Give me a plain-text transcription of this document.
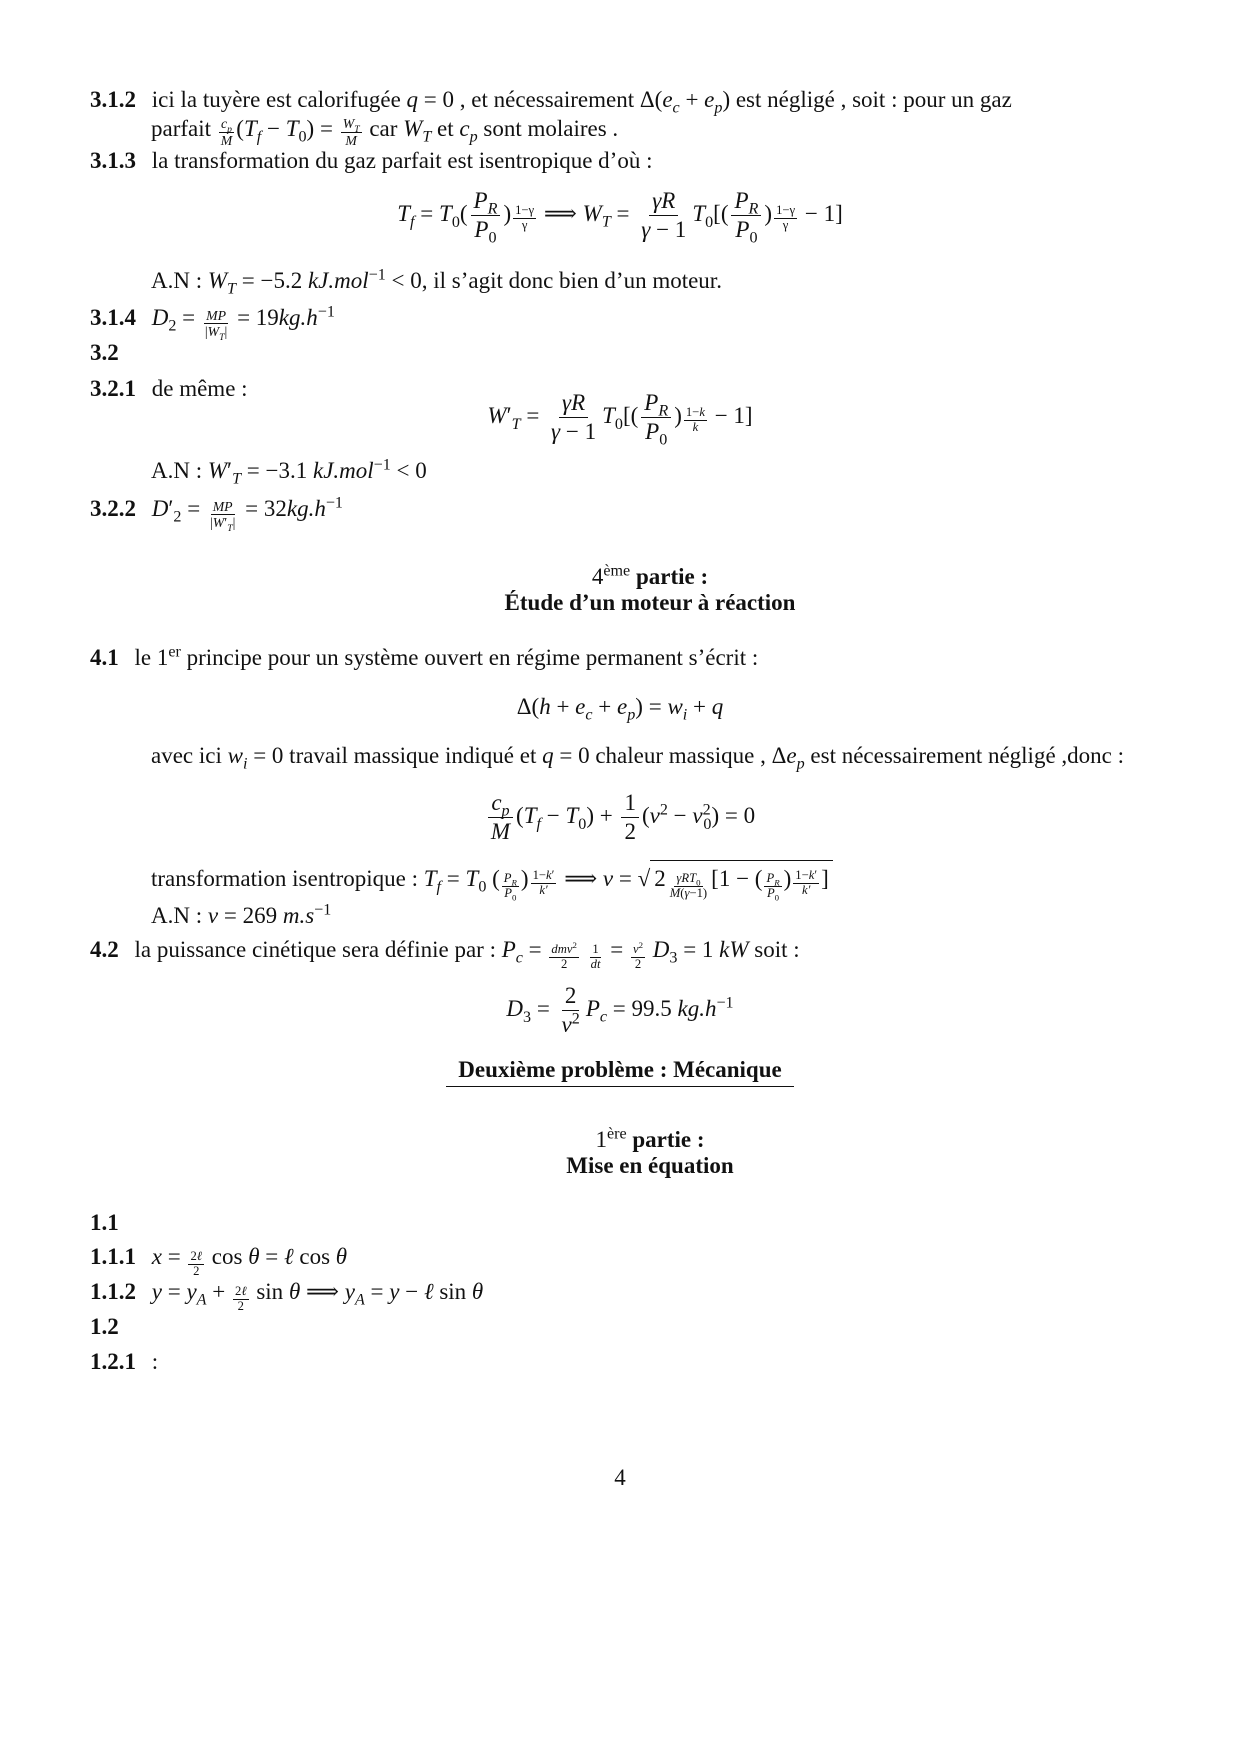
3.1.2 ici la tuyère est calorifugée q = 0 , et nécessairement $\Delta(e_c + e_p)$ est négligé , soit : pour un gaz
parfait $\frac{c_p}{M} (T_f - T_0) = \frac{W_T}{M}$ car $W_T$ et $c_p$ sont molaires .
3.1.3 la transformation du gaz parfait est isentropique d’où :
$T_f = T_0( \frac{P_R}{P_0}$ ) $\frac{1-\gamma}{\gamma}$ ⟹ $W_T = \frac{\gamma R}{\gamma - 1} T_0[( \frac{P_R}{P_0}$ ) $\frac{1-\gamma}{\gamma} - 1$]
A.N : $W_T = -5.2$ kJ.mol$^{-1}$ < 0, il s’agit donc bien d’un moteur.
3.1.4 $D_2 = \frac{MP}{|W_T|} = 19kg.h^{-1}$
3.2
3.2.1 de même :
$W'_T = \frac{\gamma R}{\gamma - 1} T_0[( \frac{P_R}{P_0}$ ) $\frac{1-k}{k} - 1$]
A.N : $W'_T = -3.1$ kJ.mol$^{-1}$ < 0
3.2.2 $D'_2 = \frac{MP}{|W'_T|} = 32kg.h^{-1}$
4ème partie :
Étude d’un moteur à réaction
4.1 le 1er principe pour un système ouvert en régime permanent s’écrit :
$\Delta(h + e_c + e_p) = w_i + q$
avec ici $w_i = 0$ travail massique indiqué et q = 0 chaleur massique , $\Delta e_p$ est nécessairement négligé ,donc :
$\frac{c_p}{M} (T_f - T_0) + \frac{1}{2} (v^2 - v^2_0) = 0$
transformation isentropique : $T_f = T_0$ ( $\frac{P_R}{P_0}$ ) $\frac{1-k'}{k'}$ ⟹ v = √ 2 γRT$_0$
M(γ−1)
[1 − ( $\frac{P_R}{P_0}$ ) $\frac{1-k'}{k'}$ ]
A.N : v = 269 $m.s^{-1}$
4.2 la puissance cinétique sera définie par : $P_c = dmv^2$
2
$\frac{1}{dt} = \frac{v^2}{2} D_3 = 1$ kW soit :
$D_3 = \frac{2}{v^2} P_c = 99.5$ $kg.h^{-1}$
Deuxième problème : Mécanique
1ère partie :
Mise en équation
1.1
1.1.1 x = 2ℓ
2
cos θ = ℓ cos θ
1.1.2 $y = y_A$ + 2ℓ
2
sin θ ⟹ $y_A = y$ − ℓ sin θ
1.2
1.2.1 :
4
